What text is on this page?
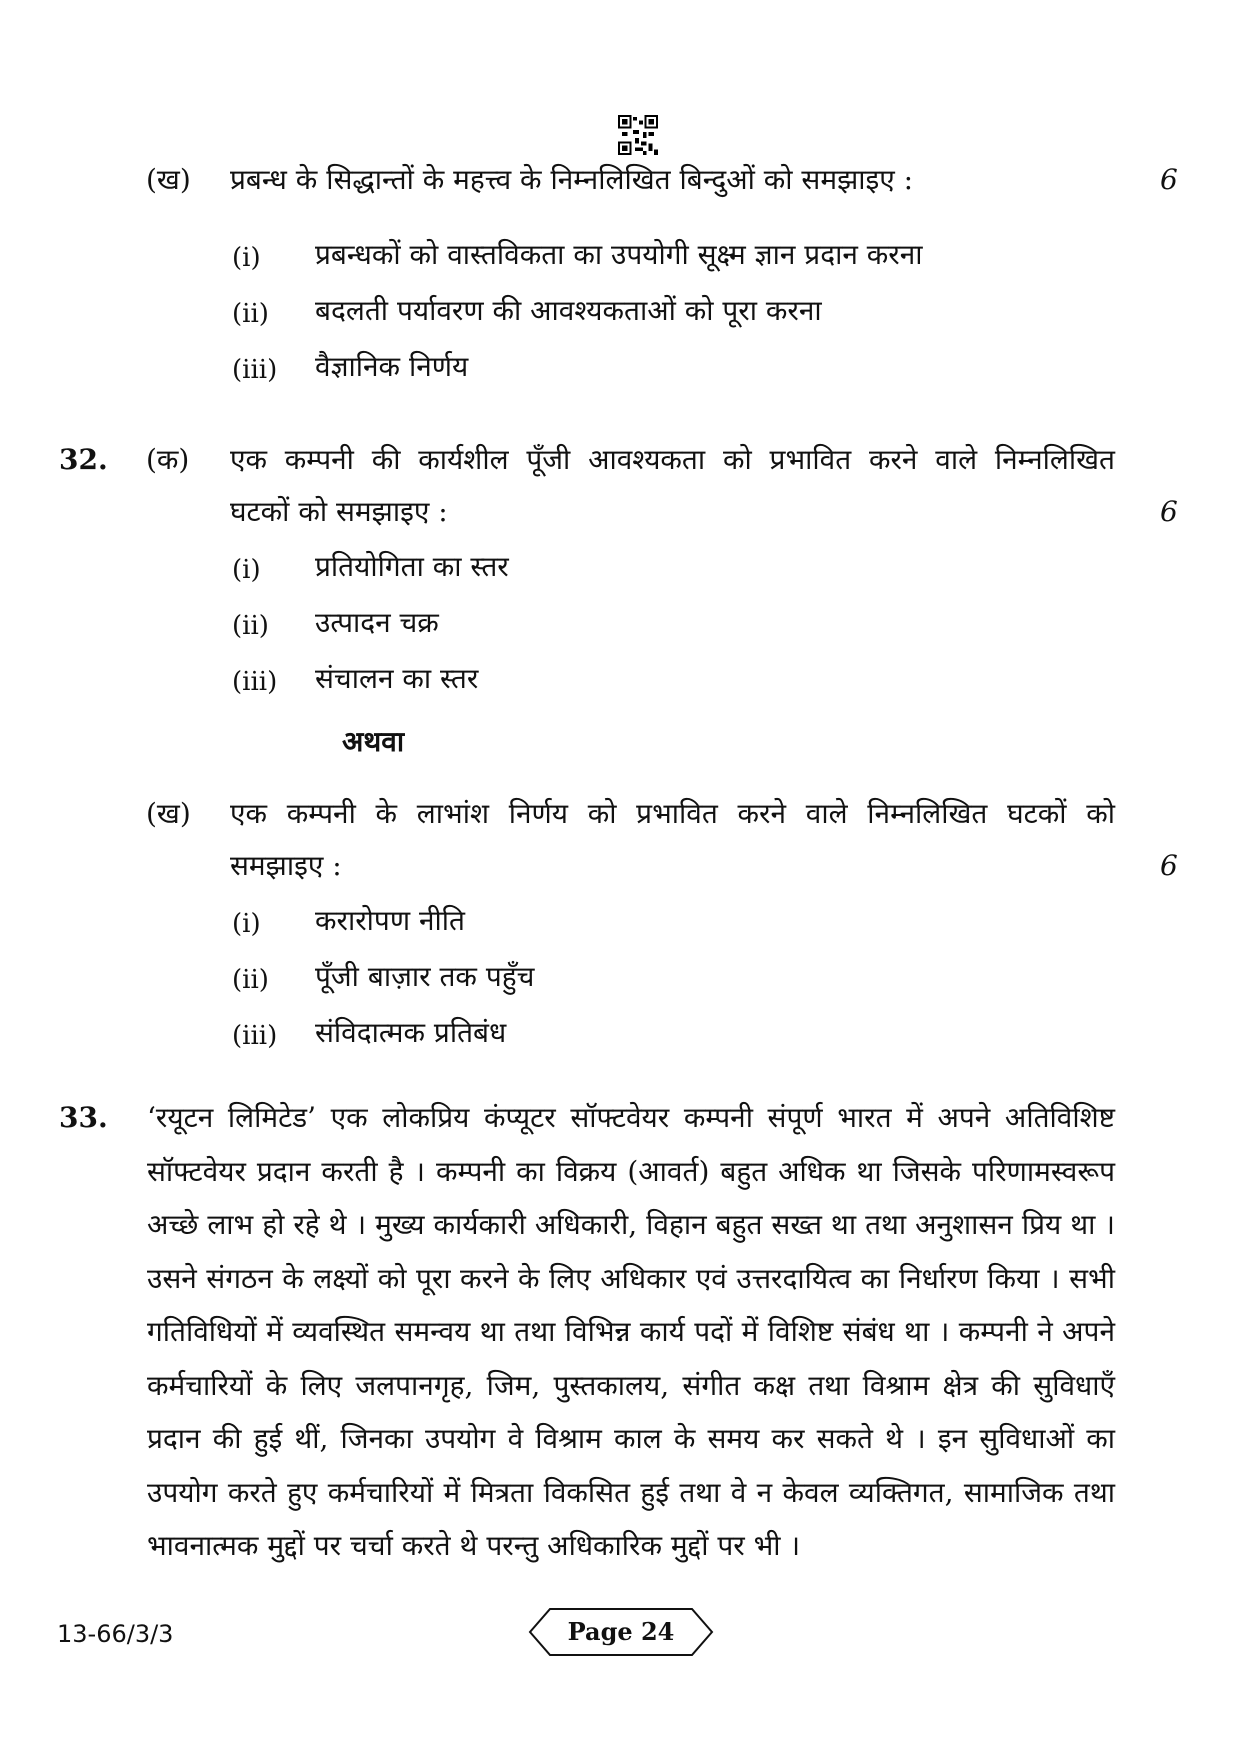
(ख) प्रबन्ध के सिद्धान्तों के महत्त्व के निम्नलिखित बिन्दुओं को समझाइए :	6
(i) प्रबन्धकों को वास्तविकता का उपयोगी सूक्ष्म ज्ञान प्रदान करना
(ii) बदलती पर्यावरण की आवश्यकताओं को पूरा करना
(iii) वैज्ञानिक निर्णय
32. (क) एक कम्पनी की कार्यशील पूँजी आवश्यकता को प्रभावित करने वाले निम्नलिखित
घटकों को समझाइए :	6
(i) प्रतियोगिता का स्तर
(ii) उत्पादन चक्र
(iii) संचालन का स्तर
अथवा
(ख) एक कम्पनी के लाभांश निर्णय को प्रभावित करने वाले निम्नलिखित घटकों को
समझाइए :	6
(i) करारोपण नीति
(ii) पूँजी बाज़ार तक पहुँच
(iii) संविदात्मक प्रतिबंध
33. ‘रयूटन लिमिटेड’ एक लोकप्रिय कंप्यूटर सॉफ्टवेयर कम्पनी संपूर्ण भारत में अपने अतिविशिष्ट सॉफ्टवेयर प्रदान करती है । कम्पनी का विक्रय (आवर्त) बहुत अधिक था जिसके परिणामस्वरूप अच्छे लाभ हो रहे थे । मुख्य कार्यकारी अधिकारी, विहान बहुत सख्त था तथा अनुशासन प्रिय था । उसने संगठन के लक्ष्यों को पूरा करने के लिए अधिकार एवं उत्तरदायित्व का निर्धारण किया । सभी गतिविधियों में व्यवस्थित समन्वय था तथा विभिन्न कार्य पदों में विशिष्ट संबंध था । कम्पनी ने अपने कर्मचारियों के लिए जलपानगृह, जिम, पुस्तकालय, संगीत कक्ष तथा विश्राम क्षेत्र की सुविधाएँ प्रदान की हुई थीं, जिनका उपयोग वे विश्राम काल के समय कर सकते थे । इन सुविधाओं का उपयोग करते हुए कर्मचारियों में मित्रता विकसित हुई तथा वे न केवल व्यक्तिगत, सामाजिक तथा भावनात्मक मुद्दों पर चर्चा करते थे परन्तु अधिकारिक मुद्दों पर भी ।
13-66/3/3	Page 24
